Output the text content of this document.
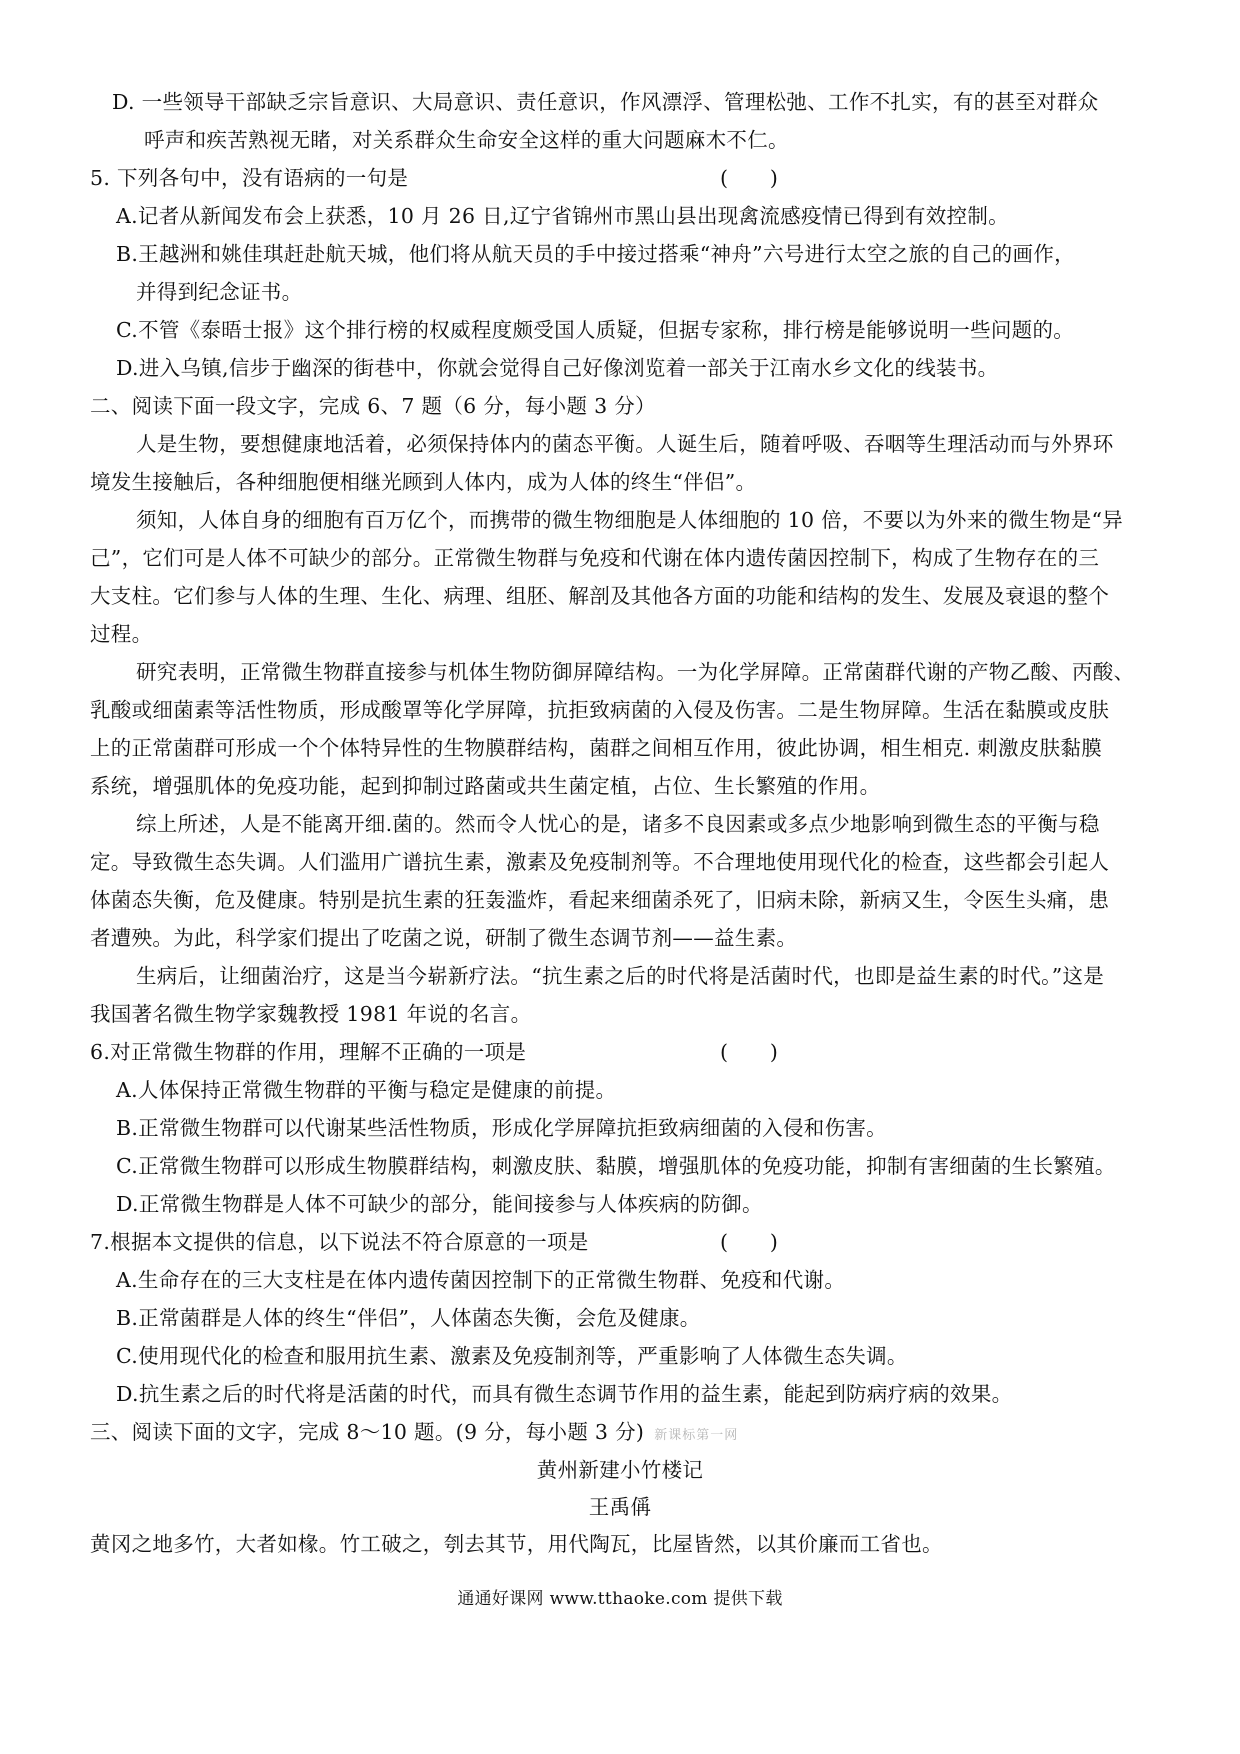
D. 一些领导干部缺乏宗旨意识、大局意识、责任意识，作风漂浮、管理松弛、工作不扎实，有的甚至对群众
呼声和疾苦熟视无睹，对关系群众生命安全这样的重大问题麻木不仁。
5. 下列各句中，没有语病的一句是	(　　)
A.记者从新闻发布会上获悉，10 月 26 日,辽宁省锦州市黑山县出现禽流感疫情已得到有效控制。
B.王越洲和姚佳琪赶赴航天城，他们将从航天员的手中接过搭乘“神舟”六号进行太空之旅的自己的画作，
并得到纪念证书。
C.不管《泰晤士报》这个排行榜的权威程度颇受国人质疑，但据专家称，排行榜是能够说明一些问题的。
D.进入乌镇,信步于幽深的街巷中，你就会觉得自己好像浏览着一部关于江南水乡文化的线装书。
二、阅读下面一段文字，完成 6、7 题（6 分，每小题 3 分）
人是生物，要想健康地活着，必须保持体内的菌态平衡。人诞生后，随着呼吸、吞咽等生理活动而与外界环
境发生接触后，各种细胞便相继光顾到人体内，成为人体的终生“伴侣”。
须知，人体自身的细胞有百万亿个，而携带的微生物细胞是人体细胞的 10 倍，不要以为外来的微生物是“异
己”，它们可是人体不可缺少的部分。正常微生物群与免疫和代谢在体内遗传菌因控制下，构成了生物存在的三
大支柱。它们参与人体的生理、生化、病理、组胚、解剖及其他各方面的功能和结构的发生、发展及衰退的整个
过程。
研究表明，正常微生物群直接参与机体生物防御屏障结构。一为化学屏障。正常菌群代谢的产物乙酸、丙酸、
乳酸或细菌素等活性物质，形成酸罩等化学屏障，抗拒致病菌的入侵及伤害。二是生物屏障。生活在黏膜或皮肤
上的正常菌群可形成一个个体特异性的生物膜群结构，菌群之间相互作用，彼此协调，相生相克. 刺激皮肤黏膜
系统，增强肌体的免疫功能，起到抑制过路菌或共生菌定植，占位、生长繁殖的作用。
综上所述，人是不能离开细.菌的。然而令人忧心的是，诸多不良因素或多点少地影响到微生态的平衡与稳
定。导致微生态失调。人们滥用广谱抗生素，激素及免疫制剂等。不合理地使用现代化的检查，这些都会引起人
体菌态失衡，危及健康。特别是抗生素的狂轰滥炸，看起来细菌杀死了，旧病未除，新病又生，令医生头痛，患
者遭殃。为此，科学家们提出了吃菌之说，研制了微生态调节剂——益生素。
生病后，让细菌治疗，这是当今崭新疗法。“抗生素之后的时代将是活菌时代，也即是益生素的时代。”这是
我国著名微生物学家魏教授 1981 年说的名言。
6.对正常微生物群的作用，理解不正确的一项是	(　　)
A.人体保持正常微生物群的平衡与稳定是健康的前提。
B.正常微生物群可以代谢某些活性物质，形成化学屏障抗拒致病细菌的入侵和伤害。
C.正常微生物群可以形成生物膜群结构，刺激皮肤、黏膜，增强肌体的免疫功能，抑制有害细菌的生长繁殖。
D.正常微生物群是人体不可缺少的部分，能间接参与人体疾病的防御。
7.根据本文提供的信息，以下说法不符合原意的一项是	(　　)
A.生命存在的三大支柱是在体内遗传菌因控制下的正常微生物群、免疫和代谢。
B.正常菌群是人体的终生“伴侣”，人体菌态失衡，会危及健康。
C.使用现代化的检查和服用抗生素、激素及免疫制剂等，严重影响了人体微生态失调。
D.抗生素之后的时代将是活菌的时代，而具有微生态调节作用的益生素，能起到防病疗病的效果。
三、阅读下面的文字，完成 8～10 题。(9 分，每小题 3 分) 新课标第一网
黄州新建小竹楼记
王禹偁
黄冈之地多竹，大者如椽。竹工破之，刳去其节，用代陶瓦，比屋皆然，以其价廉而工省也。
通通好课网 www.tthaoke.com 提供下载
